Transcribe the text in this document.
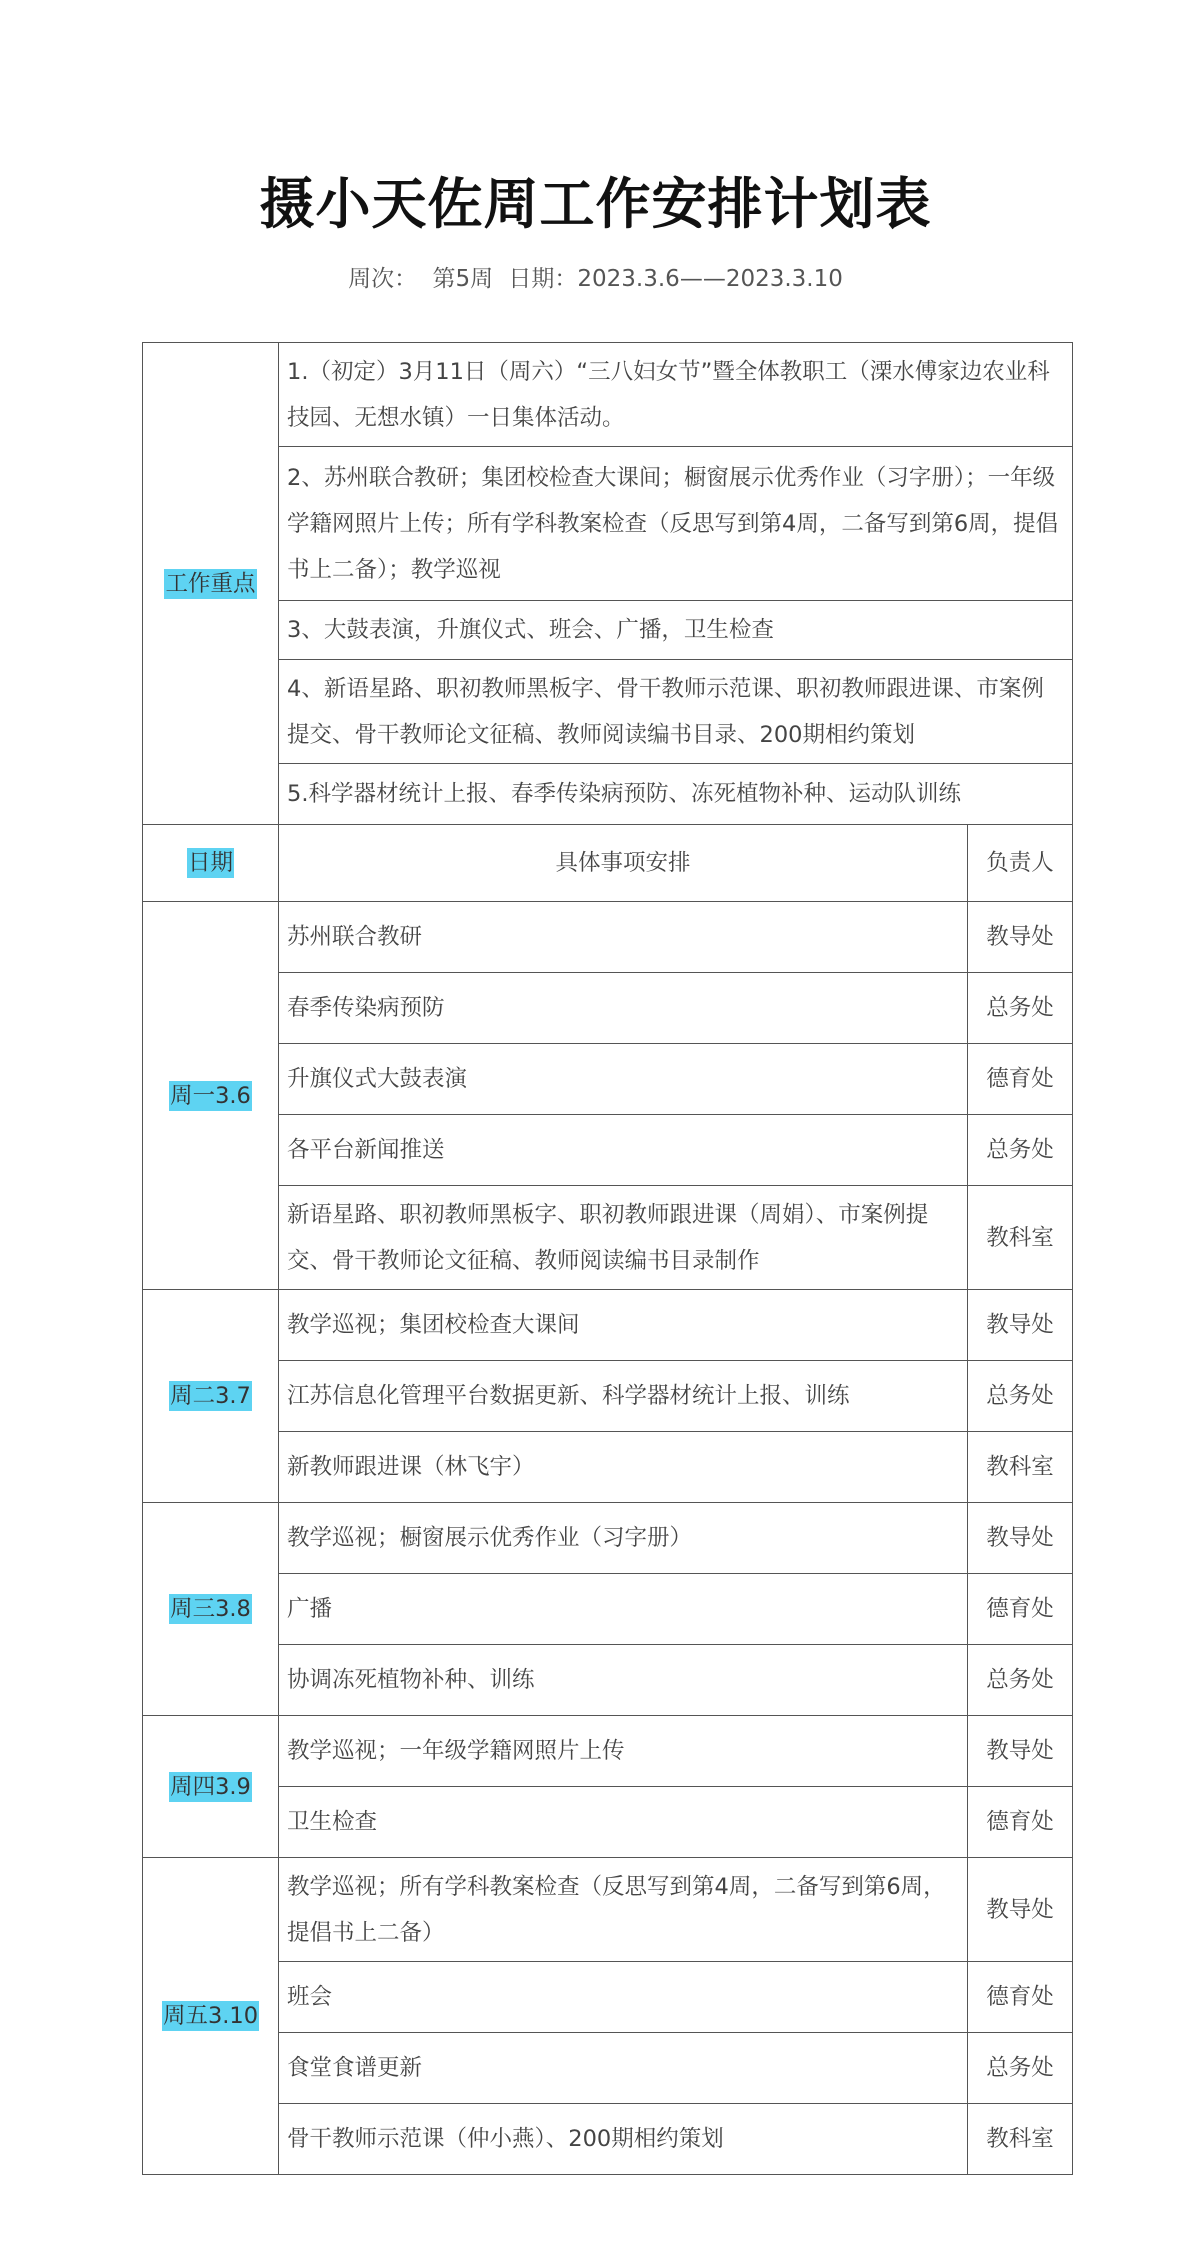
摄小天佐周工作安排计划表
周次： 第5周 日期：2023.3.6——2023.3.10
工作重点	1.（初定）3月11日（周六）“三八妇女节”暨全体教职工（溧水傅家边农业科技园、无想水镇）一日集体活动。	
	2、苏州联合教研；集团校检查大课间；橱窗展示优秀作业（习字册）；一年级学籍网照片上传；所有学科教案检查（反思写到第4周，二备写到第6周，提倡书上二备）；教学巡视	
	3、大鼓表演，升旗仪式、班会、广播，卫生检查	
	4、新语星路、职初教师黑板字、骨干教师示范课、职初教师跟进课、市案例提交、骨干教师论文征稿、教师阅读编书目录、200期相约策划	
	5.科学器材统计上报、春季传染病预防、冻死植物补种、运动队训练	
日期	具体事项安排	负责人
周一3.6	苏州联合教研	教导处
	春季传染病预防	总务处
	升旗仪式大鼓表演	德育处
	各平台新闻推送	总务处
	新语星路、职初教师黑板字、职初教师跟进课（周娟）、市案例提交、骨干教师论文征稿、教师阅读编书目录制作	教科室
周二3.7	教学巡视；集团校检查大课间	教导处
	江苏信息化管理平台数据更新、科学器材统计上报、训练	总务处
	新教师跟进课（林飞宇）	教科室
周三3.8	教学巡视；橱窗展示优秀作业（习字册）	教导处
	广播	德育处
	协调冻死植物补种、训练	总务处
周四3.9	教学巡视；一年级学籍网照片上传	教导处
	卫生检查	德育处
周五3.10	教学巡视；所有学科教案检查（反思写到第4周，二备写到第6周，提倡书上二备）	教导处
	班会	德育处
	食堂食谱更新	总务处
	骨干教师示范课（仲小燕）、200期相约策划	教科室
